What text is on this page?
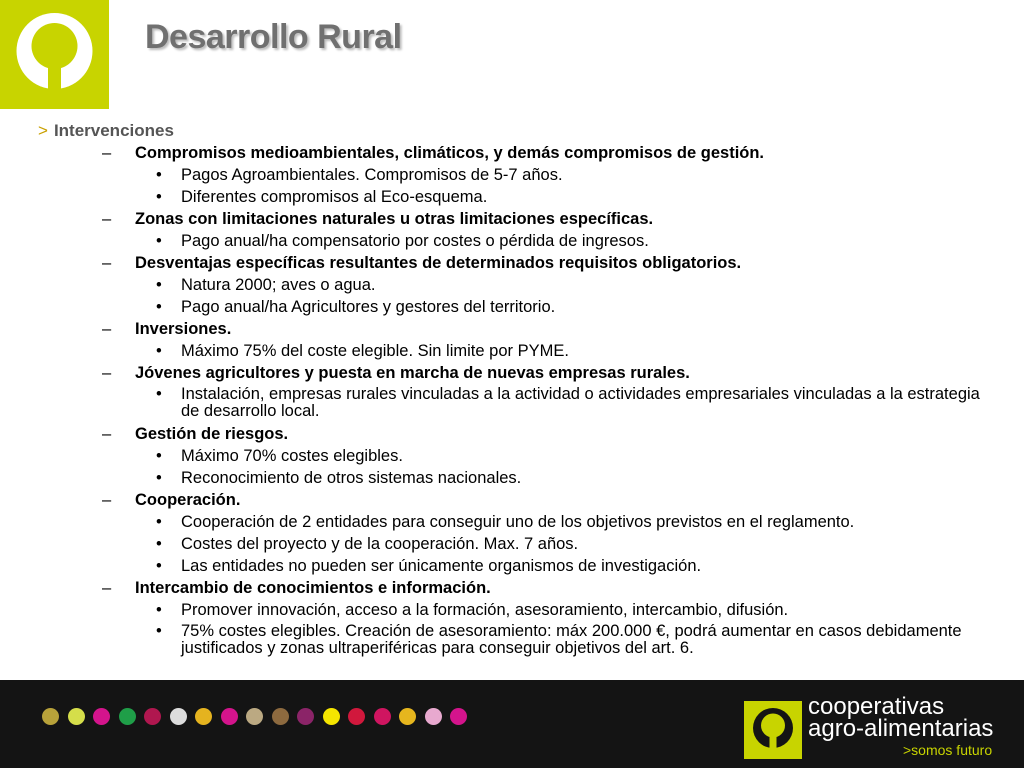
Desarrollo Rural
> Intervenciones
– Compromisos medioambientales, climáticos, y demás compromisos de gestión.
• Pagos Agroambientales. Compromisos de 5-7 años.
• Diferentes compromisos al Eco-esquema.
– Zonas con limitaciones naturales u otras limitaciones específicas.
• Pago anual/ha compensatorio por costes o pérdida de ingresos.
– Desventajas específicas resultantes de determinados requisitos obligatorios.
• Natura 2000; aves o agua.
• Pago anual/ha Agricultores y gestores del territorio.
– Inversiones.
• Máximo 75% del coste elegible. Sin limite por PYME.
– Jóvenes agricultores y puesta en marcha de nuevas empresas rurales.
• Instalación, empresas rurales vinculadas a la actividad o actividades empresariales vinculadas a la estrategia de desarrollo local.
– Gestión de riesgos.
• Máximo 70% costes elegibles.
• Reconocimiento de otros sistemas nacionales.
– Cooperación.
• Cooperación de 2 entidades para conseguir uno de los objetivos previstos en el reglamento.
• Costes del proyecto y de la cooperación. Max. 7 años.
• Las entidades no pueden ser únicamente organismos de investigación.
– Intercambio de conocimientos e información.
• Promover innovación, acceso a la formación, asesoramiento, intercambio, difusión.
• 75% costes elegibles. Creación de asesoramiento: máx 200.000 €, podrá aumentar en casos debidamente justificados y zonas ultraperiféricas para conseguir objetivos del art. 6.
cooperativas
agro-alimentarias
>somos futuro
